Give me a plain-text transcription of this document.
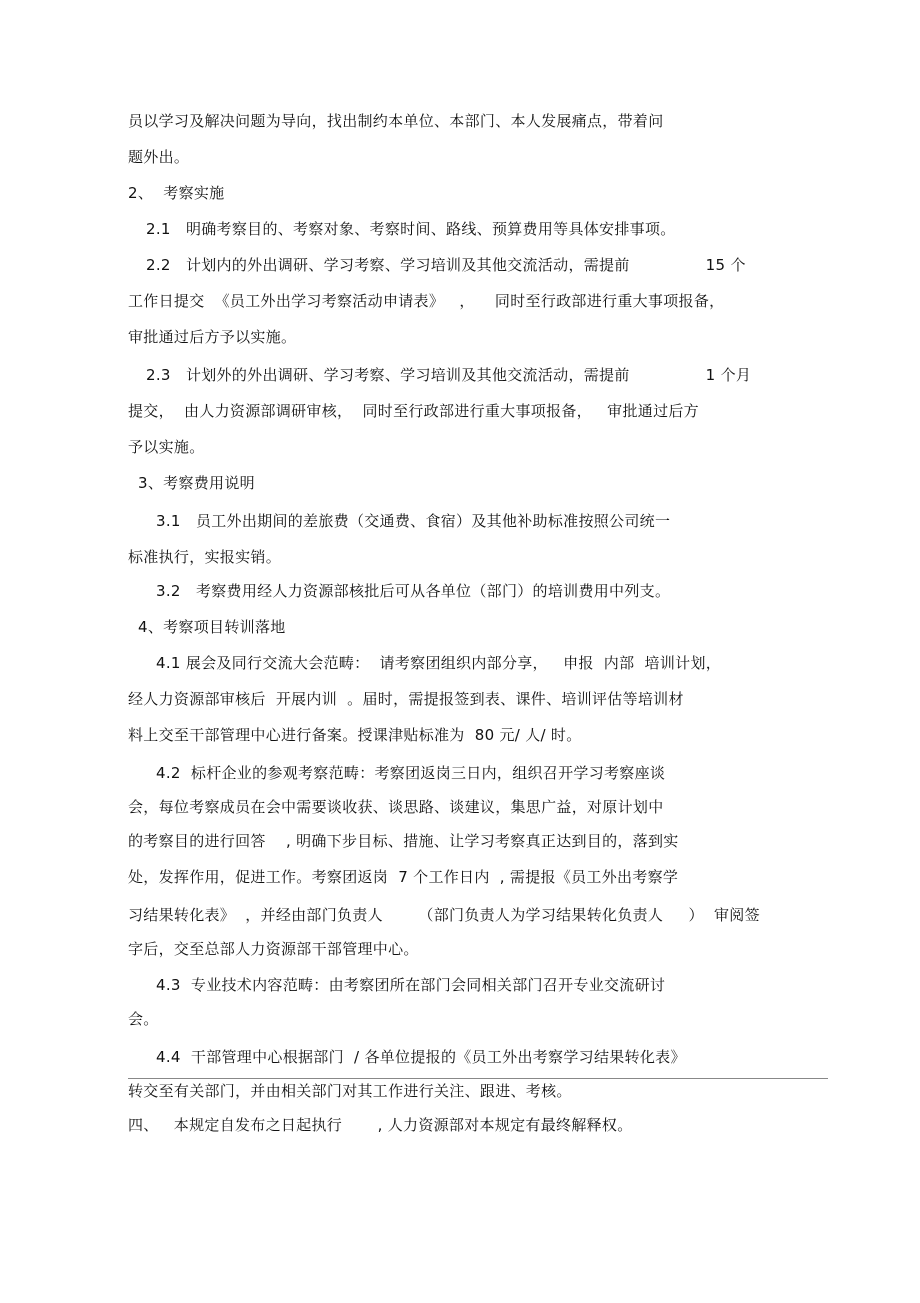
员以学习及解决问题为导向，找出制约本单位、本部门、本人发展痛点，带着问
题外出。
2、  考察实施
2.1   明确考察目的、考察对象、考察时间、路线、预算费用等具体安排事项。
2.2   计划内的外出调研、学习考察、学习培训及其他交流活动，需提前               15 个
工作日提交  《员工外出学习考察活动申请表》   ，    同时至行政部进行重大事项报备，
审批通过后方予以实施。
2.3   计划外的外出调研、学习考察、学习培训及其他交流活动，需提前               1 个月
提交，  由人力资源部调研审核，  同时至行政部进行重大事项报备，   审批通过后方
予以实施。
3、考察费用说明
3.1   员工外出期间的差旅费（交通费、食宿）及其他补助标准按照公司统一
标准执行，实报实销。
3.2   考察费用经人力资源部核批后可从各单位（部门）的培训费用中列支。
4、考察项目转训落地
4.1 展会及同行交流大会范畴：  请考察团组织内部分享，   申报  内部  培训计划，
经人力资源部审核后  开展内训  。届时，需提报签到表、课件、培训评估等培训材
料上交至干部管理中心进行备案。授课津贴标准为  80 元/ 人/ 时。
4.2  标杆企业的参观考察范畴：考察团返岗三日内，组织召开学习考察座谈
会，每位考察成员在会中需要谈收获、谈思路、谈建议，集思广益，对原计划中
的考察目的进行回答    , 明确下步目标、措施、让学习考察真正达到目的，落到实
处，发挥作用，促进工作。考察团返岗  7 个工作日内  , 需提报《员工外出考察学
习结果转化表》  ，并经由部门负责人       （部门负责人为学习结果转化负责人     ）  审阅签
字后，交至总部人力资源部干部管理中心。
4.3  专业技术内容范畴：由考察团所在部门会同相关部门召开专业交流研讨
会。
4.4  干部管理中心根据部门  / 各单位提报的《员工外出考察学习结果转化表》
转交至有关部门，并由相关部门对其工作进行关注、跟进、考核。
四、   本规定自发布之日起执行       , 人力资源部对本规定有最终解释权。
